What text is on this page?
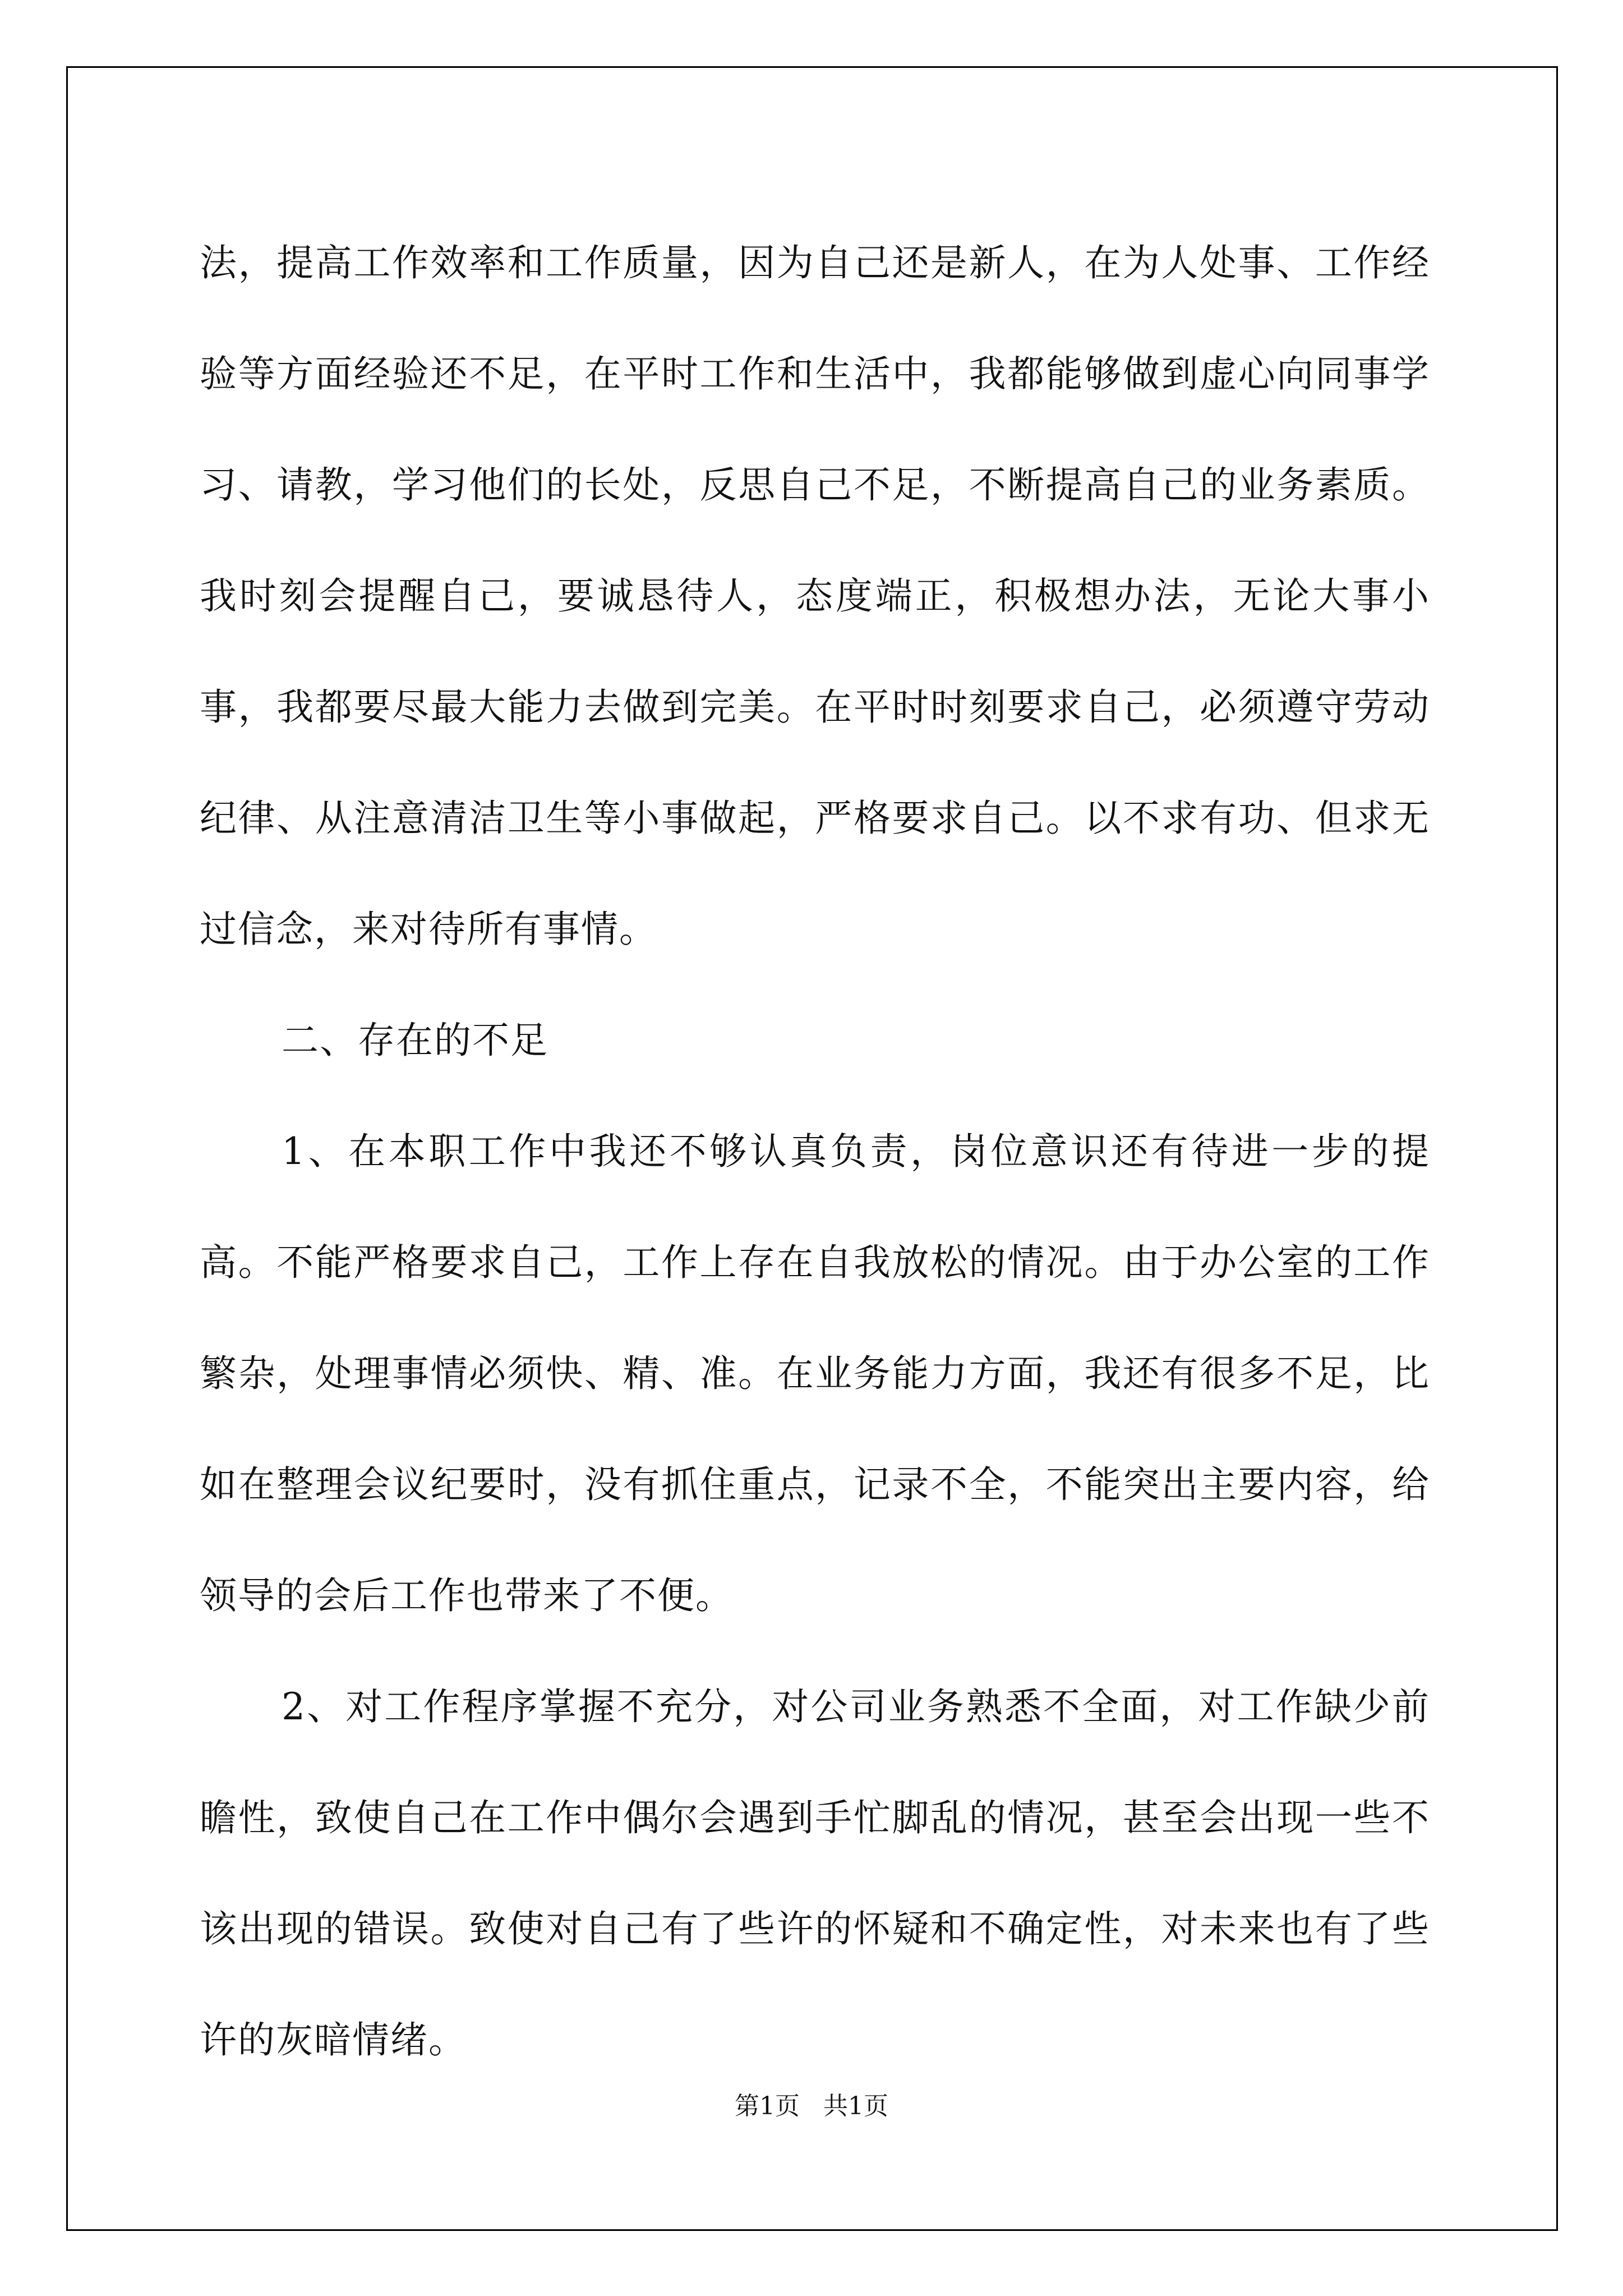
法，提高工作效率和工作质量，因为自己还是新人，在为人处事、工作经验等方面经验还不足，在平时工作和生活中，我都能够做到虚心向同事学习、请教，学习他们的长处，反思自己不足，不断提高自己的业务素质。我时刻会提醒自己，要诚恳待人，态度端正，积极想办法，无论大事小事，我都要尽最大能力去做到完美。在平时时刻要求自己，必须遵守劳动纪律、从注意清洁卫生等小事做起，严格要求自己。以不求有功、但求无过信念，来对待所有事情。

二、存在的不足

1、在本职工作中我还不够认真负责，岗位意识还有待进一步的提高。不能严格要求自己，工作上存在自我放松的情况。由于办公室的工作繁杂，处理事情必须快、精、准。在业务能力方面，我还有很多不足，比如在整理会议纪要时，没有抓住重点，记录不全，不能突出主要内容，给领导的会后工作也带来了不便。

2、对工作程序掌握不充分，对公司业务熟悉不全面，对工作缺少前瞻性，致使自己在工作中偶尔会遇到手忙脚乱的情况，甚至会出现一些不该出现的错误。致使对自己有了些许的怀疑和不确定性，对未来也有了些许的灰暗情绪。

第1页   共1页
